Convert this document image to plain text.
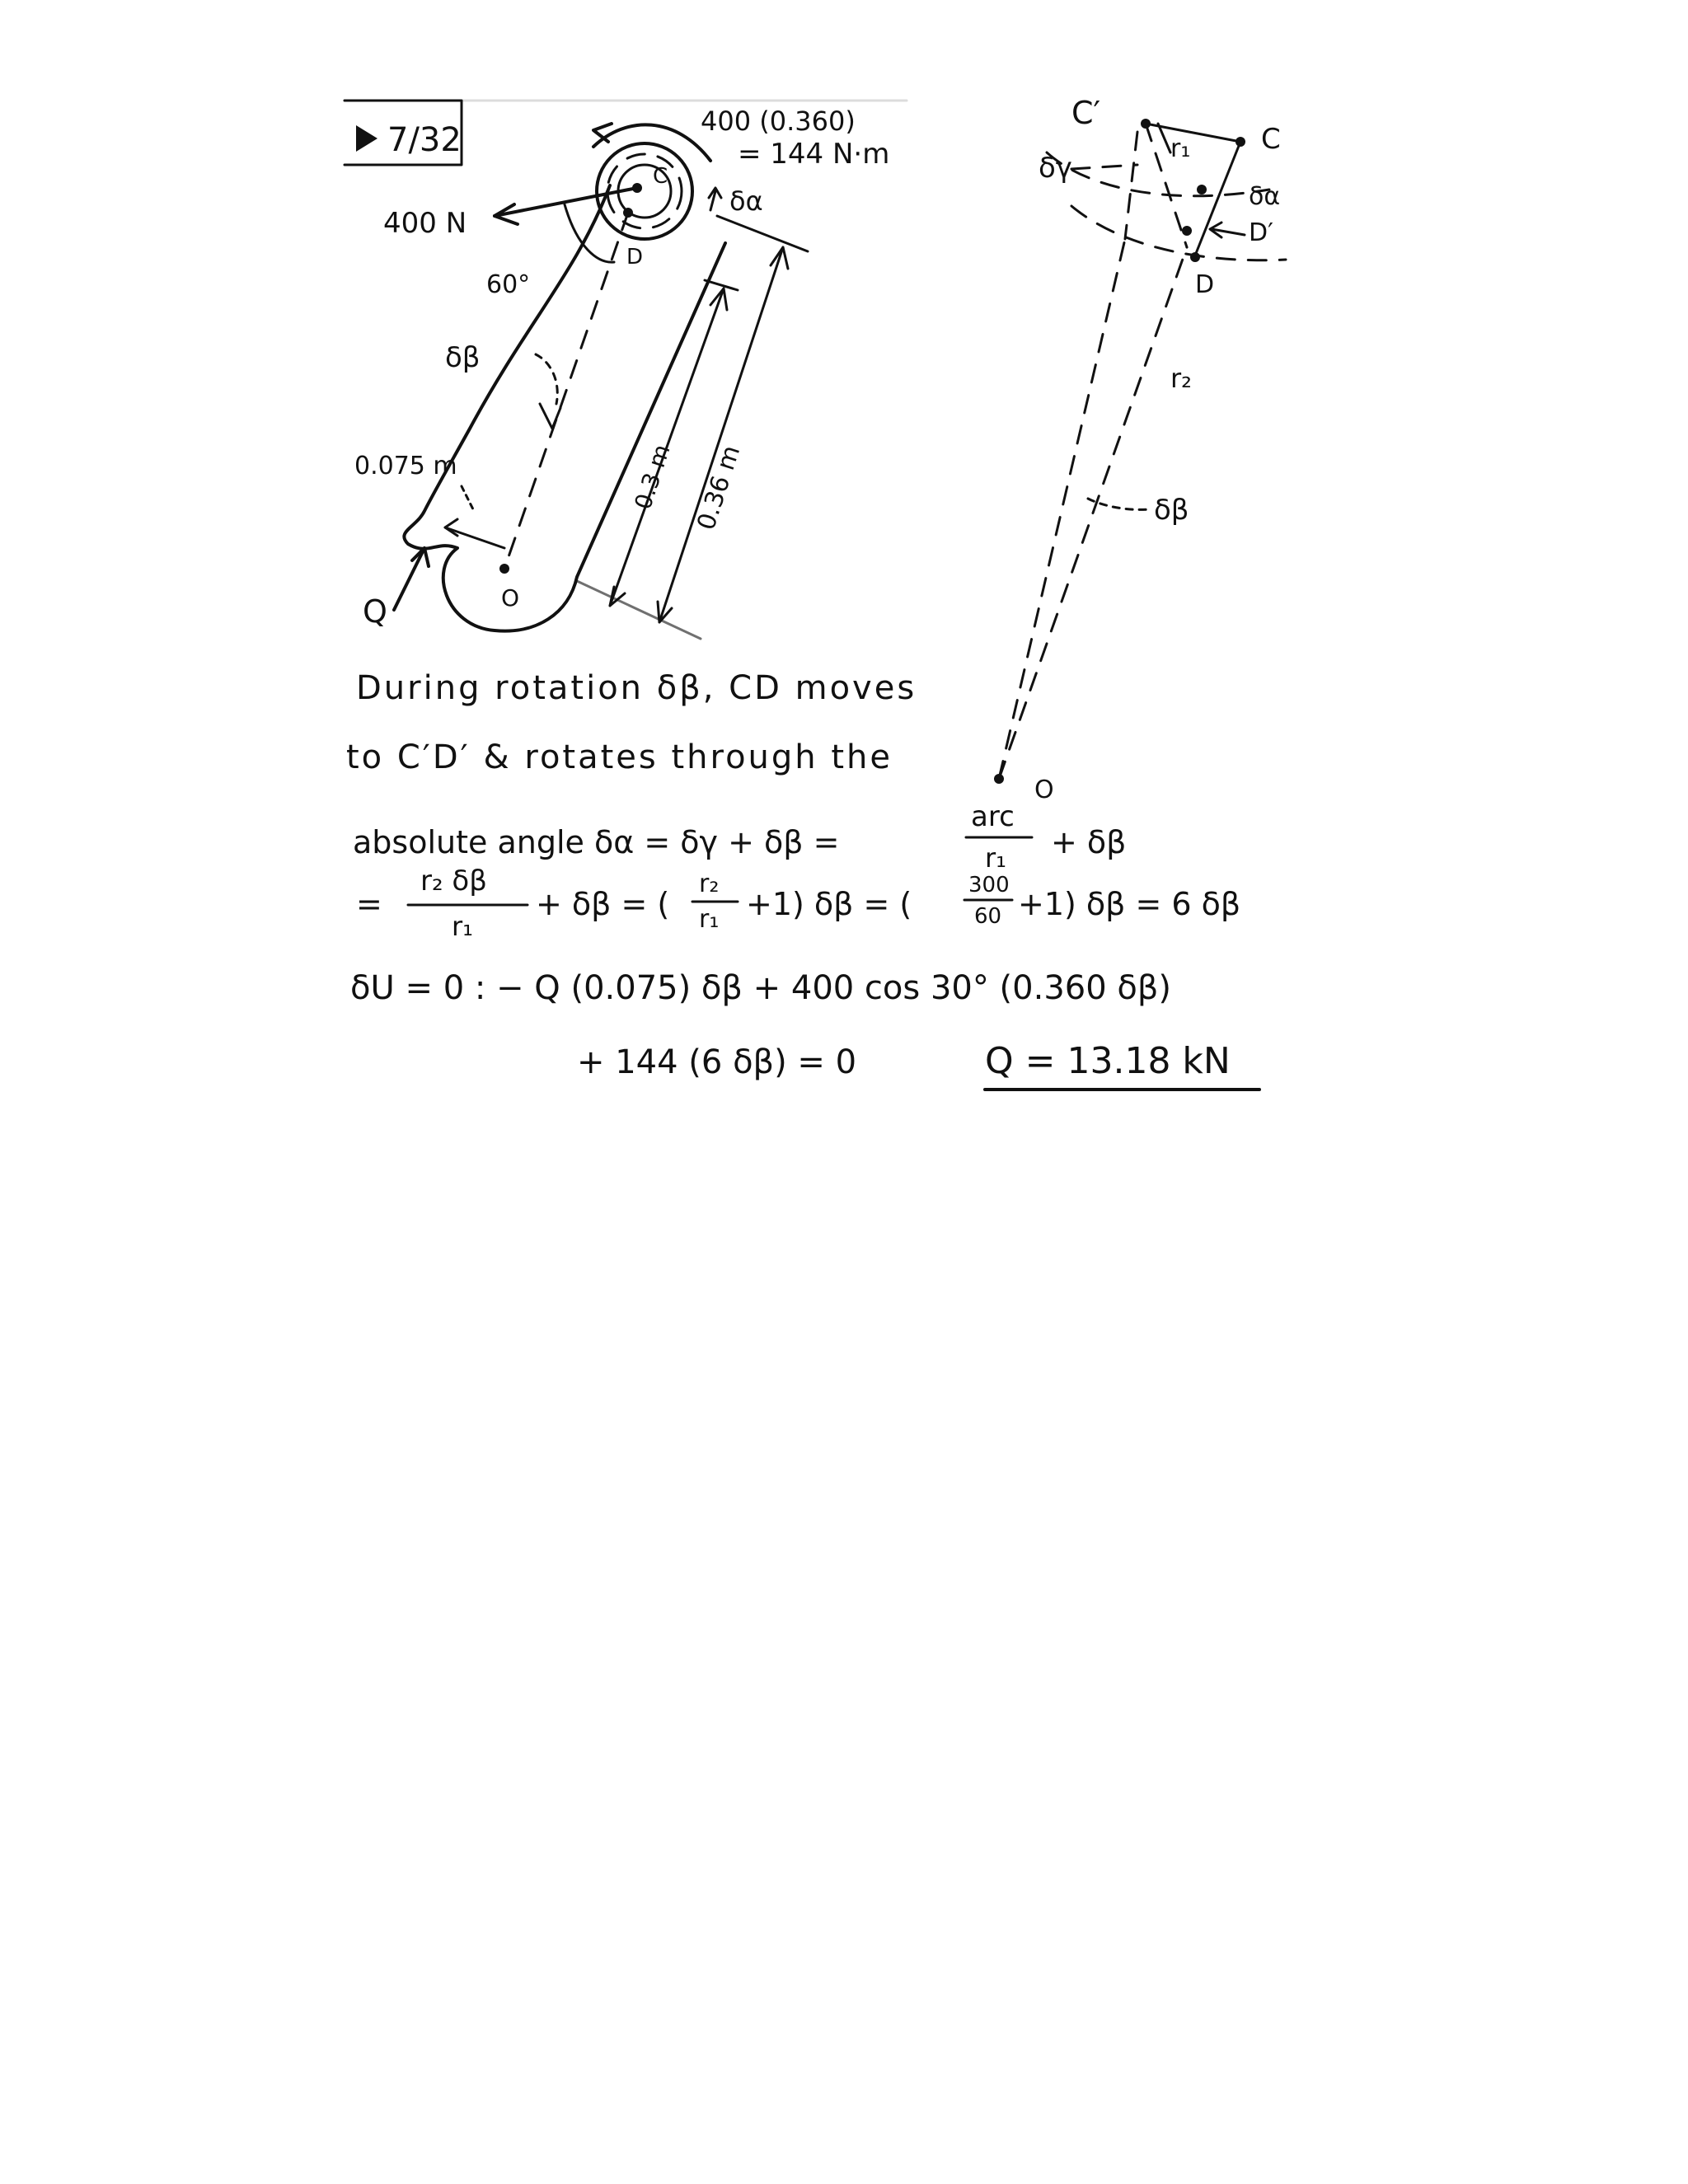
7/32	400 (0.360)
= 144 N·m
400 N
60°
C
D
O
δα
δβ
0.075 m
Q
0.3 m 0.36 m
C′
C
r₁
δγ
δα
D′
D
r₂
δβ
O
During rotation δβ, CD moves
to C′D′ & rotates through the
absolute angle δα = δγ + δβ =
arc
r₁ + δβ
=
r₂ δβ
r₁
+ δβ = (
r₂
r₁ +1) δβ = (
300
60 +1) δβ = 6 δβ
δU = 0 : − Q (0.075) δβ + 400 cos 30° (0.360 δβ)
+ 144 (6 δβ) = 0	Q = 13.18 kN
